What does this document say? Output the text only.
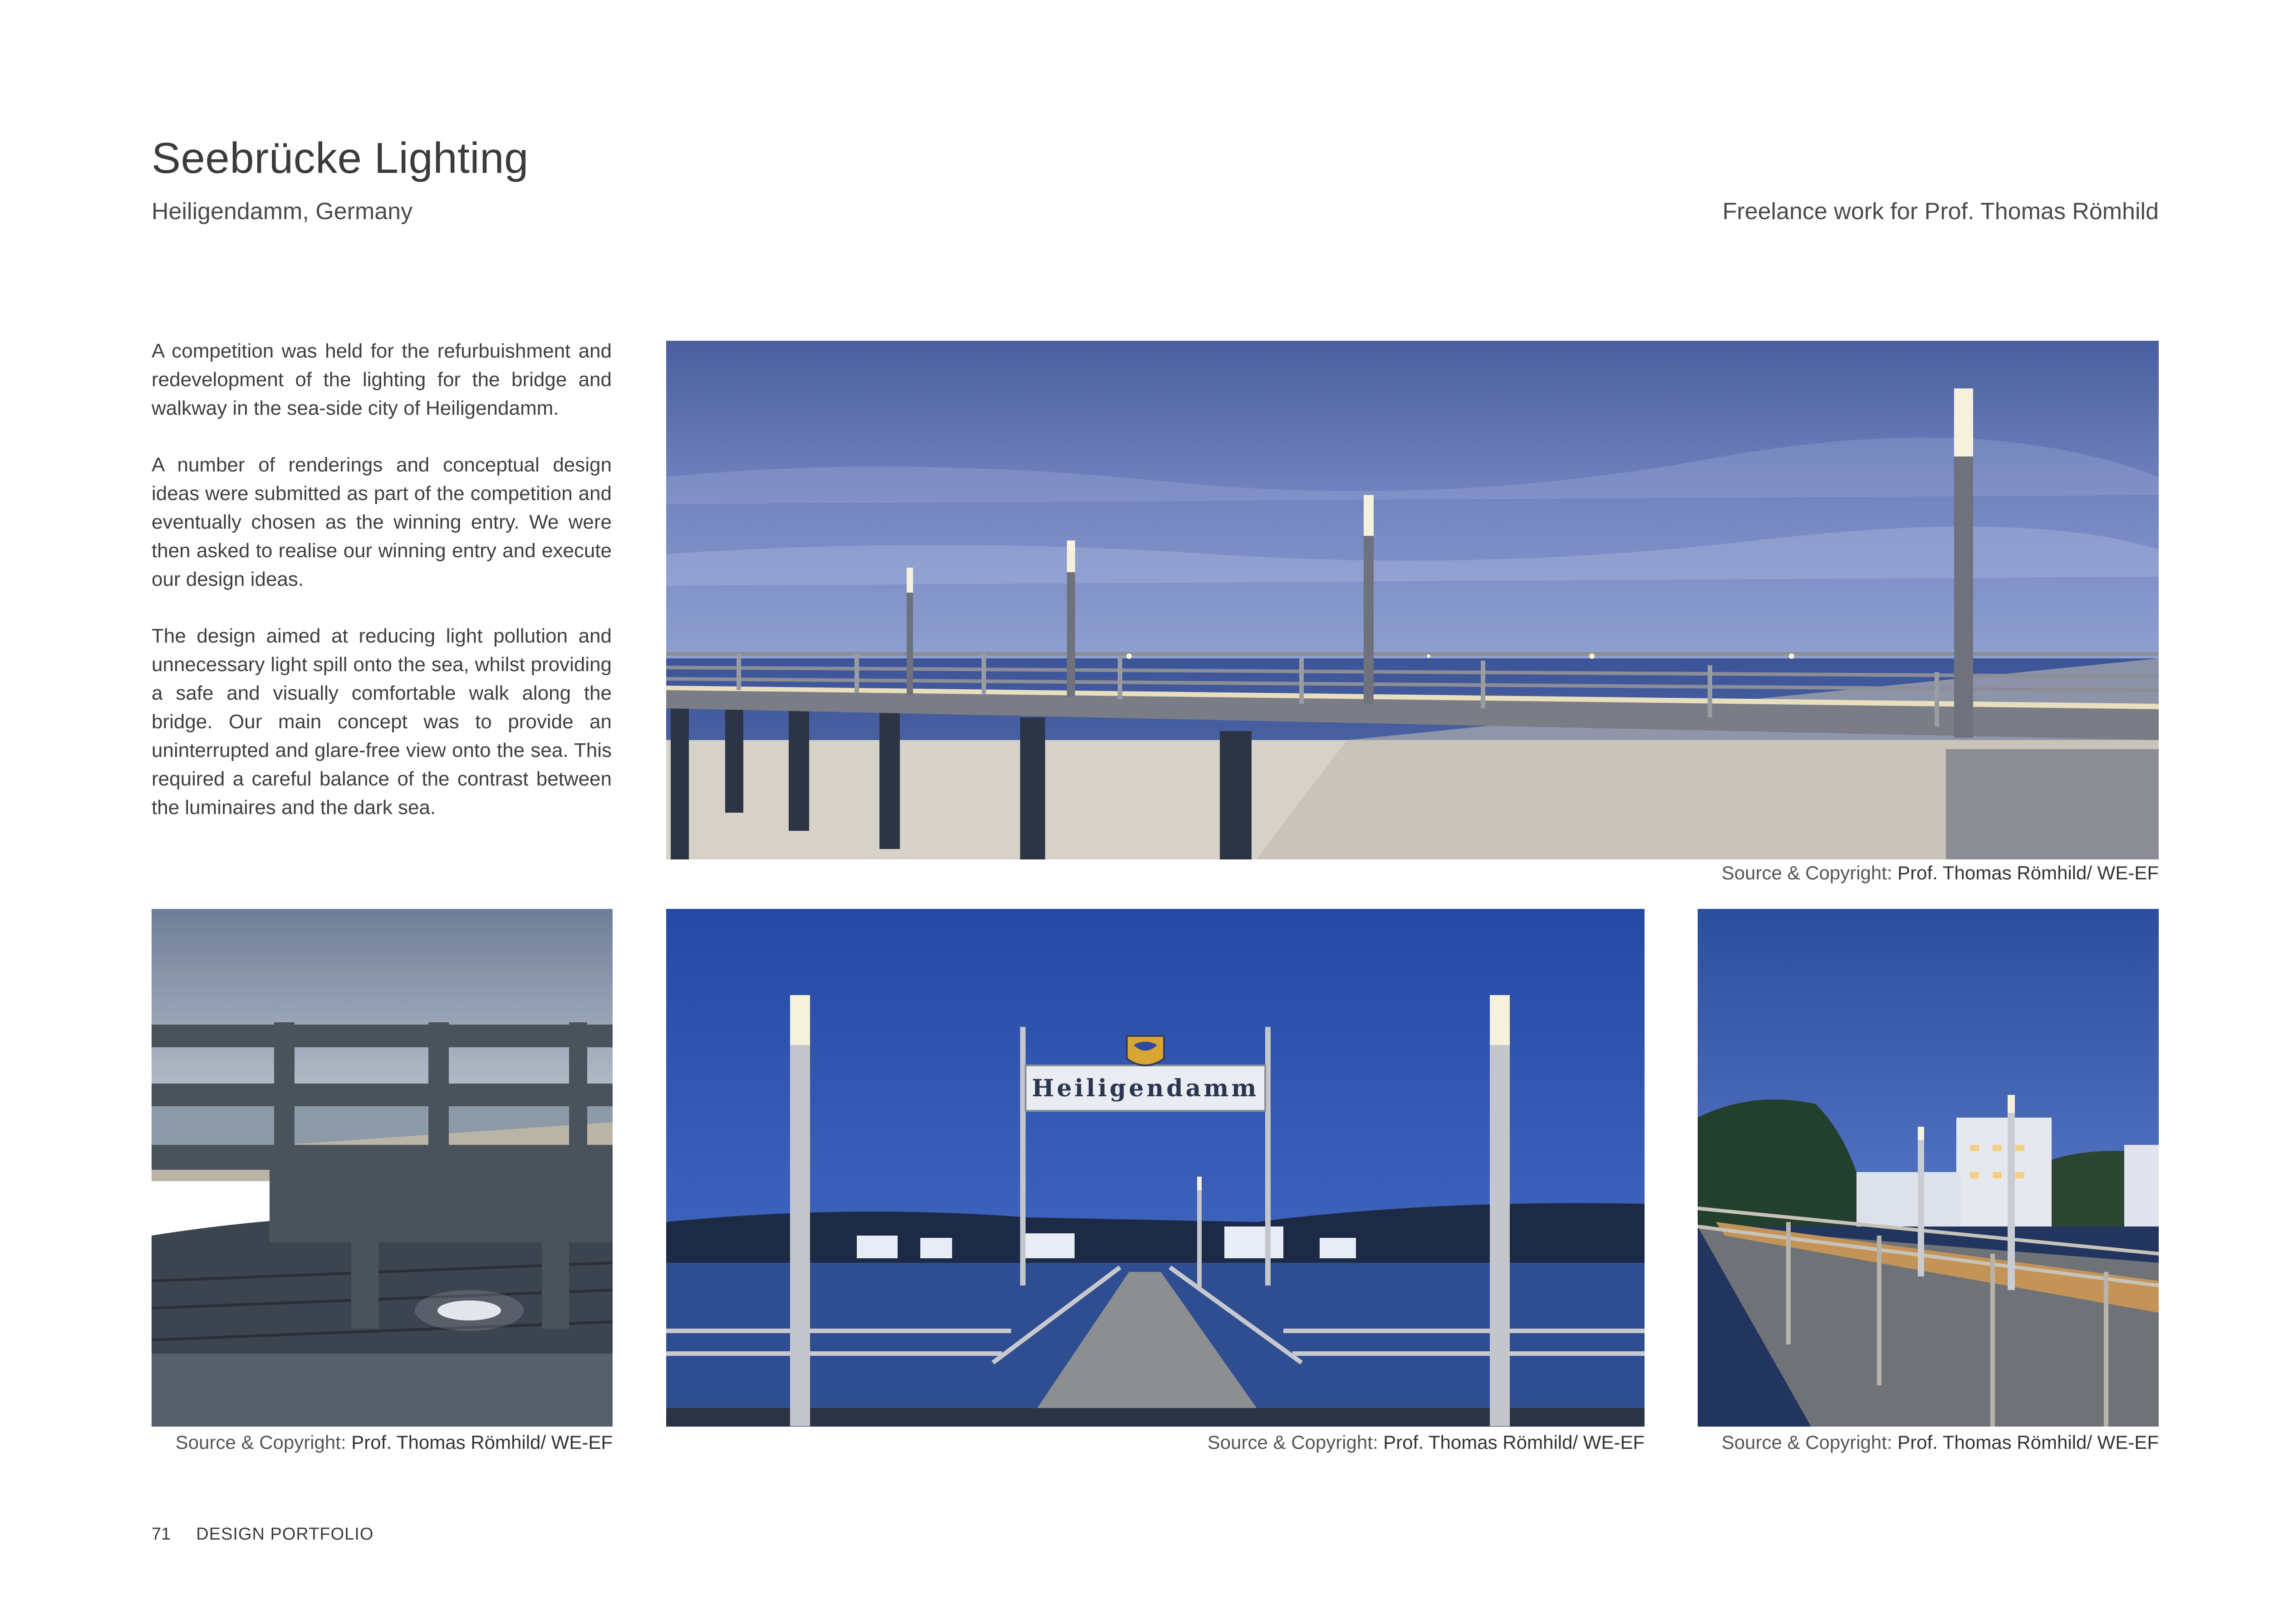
Seebrücke Lighting
Heiligendamm, Germany	Freelance work for Prof. Thomas Römhild

A competition was held for the refurbuishment and redevelopment of the lighting for the bridge and walkway in the sea-side city of Heiligendamm.

A number of renderings and conceptual design ideas were submitted as part of the competition and eventually chosen as the winning entry. We were then asked to realise our winning entry and execute our design ideas.

The design aimed at reducing light pollution and unnecessary light spill onto the sea, whilst providing a safe and visually comfortable walk along the bridge. Our main concept was to provide an uninterrupted and glare-free view onto the sea. This required a careful balance of the contrast between the luminaires and the dark sea.

Source & Copyright: Prof. Thomas Römhild/ WE-EF
Source & Copyright: Prof. Thomas Römhild/ WE-EF
Heiligendamm
Source & Copyright: Prof. Thomas Römhild/ WE-EF	Source & Copyright: Prof. Thomas Römhild/ WE-EF
71 DESIGN PORTFOLIO
